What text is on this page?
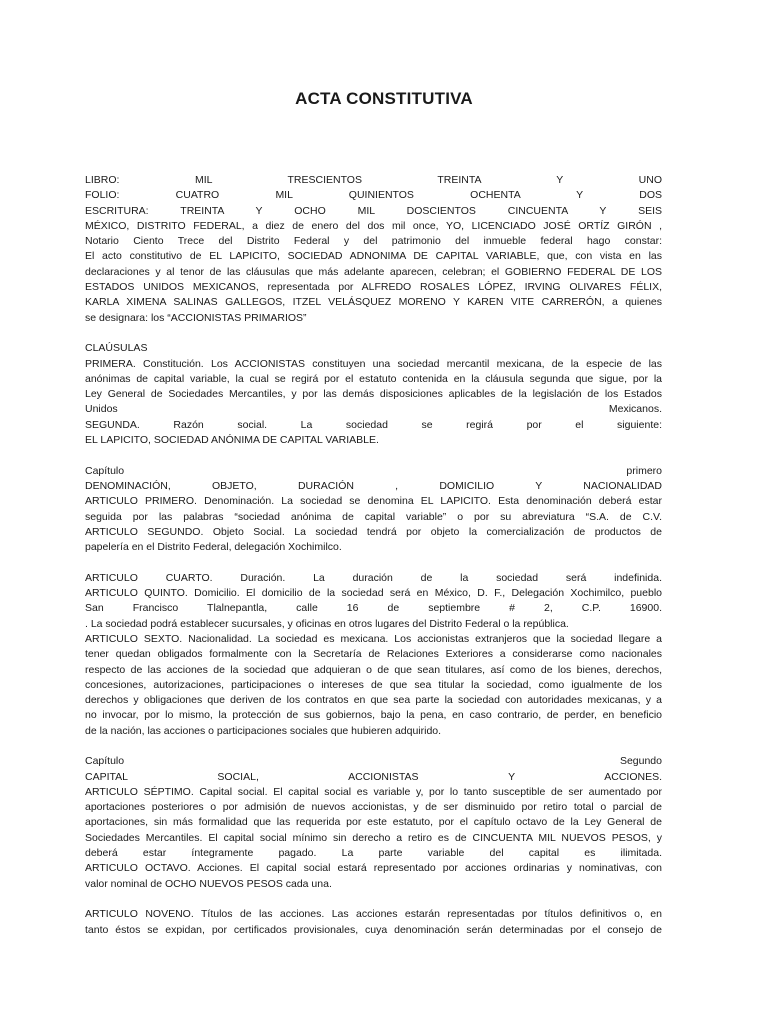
ACTA CONSTITUTIVA
LIBRO: MIL TRESCIENTOS TREINTA Y UNO
FOLIO: CUATRO MIL QUINIENTOS OCHENTA Y DOS
ESCRITURA: TREINTA Y OCHO MIL DOSCIENTOS CINCUENTA Y SEIS
MÉXICO, DISTRITO FEDERAL, a diez de enero del dos mil once, YO, LICENCIADO JOSÉ ORTÍZ GIRÓN ,
Notario Ciento Trece del Distrito Federal y del patrimonio del inmueble federal hago constar:
El acto constitutivo de EL LAPICITO, SOCIEDAD ADNONIMA DE CAPITAL VARIABLE, que, con vista en las
declaraciones y al tenor de las cláusulas que más adelante aparecen, celebran; el GOBIERNO FEDERAL DE LOS
ESTADOS UNIDOS MEXICANOS, representada por ALFREDO ROSALES LÓPEZ, IRVING OLIVARES FÉLIX,
KARLA XIMENA SALINAS GALLEGOS, ITZEL VELÁSQUEZ MORENO Y KAREN VITE CARRERÓN, a quienes
se designara: los “ACCIONISTAS PRIMARIOS”
CLAÚSULAS
PRIMERA. Constitución. Los ACCIONISTAS constituyen una sociedad mercantil mexicana, de la especie de las
anónimas de capital variable, la cual se regirá por el estatuto contenida en la cláusula segunda que sigue, por la
Ley General de Sociedades Mercantiles, y por las demás disposiciones aplicables de la legislación de los Estados
Unidos Mexicanos.
SEGUNDA. Razón social. La sociedad se regirá por el siguiente:
EL LAPICITO, SOCIEDAD ANÓNIMA DE CAPITAL VARIABLE.
Capítulo primero
DENOMINACIÓN, OBJETO, DURACIÓN , DOMICILIO Y NACIONALIDAD
ARTICULO PRIMERO. Denominación. La sociedad se denomina EL LAPICITO. Esta denominación deberá estar
seguida por las palabras “sociedad anónima de capital variable” o por su abreviatura “S.A. de C.V.
ARTICULO SEGUNDO. Objeto Social. La sociedad tendrá por objeto la comercialización de productos de
papelería en el Distrito Federal, delegación Xochimilco.
ARTICULO CUARTO. Duración. La duración de la sociedad será indefinida.
ARTICULO QUINTO. Domicilio. El domicilio de la sociedad será en México, D. F., Delegación Xochimilco, pueblo
San Francisco Tlalnepantla, calle 16 de septiembre # 2, C.P. 16900.
. La sociedad podrá establecer sucursales, y oficinas en otros lugares del Distrito Federal o la república.
ARTICULO SEXTO. Nacionalidad. La sociedad es mexicana. Los accionistas extranjeros que la sociedad llegare a
tener quedan obligados formalmente con la Secretaría de Relaciones Exteriores a considerarse como nacionales
respecto de las acciones de la sociedad que adquieran o de que sean titulares, así como de los bienes, derechos,
concesiones, autorizaciones, participaciones o intereses de que sea titular la sociedad, como igualmente de los
derechos y obligaciones que deriven de los contratos en que sea parte la sociedad con autoridades mexicanas, y a
no invocar, por lo mismo, la protección de sus gobiernos, bajo la pena, en caso contrario, de perder, en beneficio
de la nación, las acciones o participaciones sociales que hubieren adquirido.
Capítulo Segundo
CAPITAL SOCIAL, ACCIONISTAS Y ACCIONES.
ARTICULO SÉPTIMO. Capital social. El capital social es variable y, por lo tanto susceptible de ser aumentado por
aportaciones posteriores o por admisión de nuevos accionistas, y de ser disminuido por retiro total o parcial de
aportaciones, sin más formalidad que las requerida por este estatuto, por el capítulo octavo de la Ley General de
Sociedades Mercantiles. El capital social mínimo sin derecho a retiro es de CINCUENTA MIL NUEVOS PESOS, y
deberá estar íntegramente pagado. La parte variable del capital es ilimitada.
ARTICULO OCTAVO. Acciones. El capital social estará representado por acciones ordinarias y nominativas, con
valor nominal de OCHO NUEVOS PESOS cada una.
ARTICULO NOVENO. Títulos de las acciones. Las acciones estarán representadas por títulos definitivos o, en
tanto éstos se expidan, por certificados provisionales, cuya denominación serán determinadas por el consejo de
